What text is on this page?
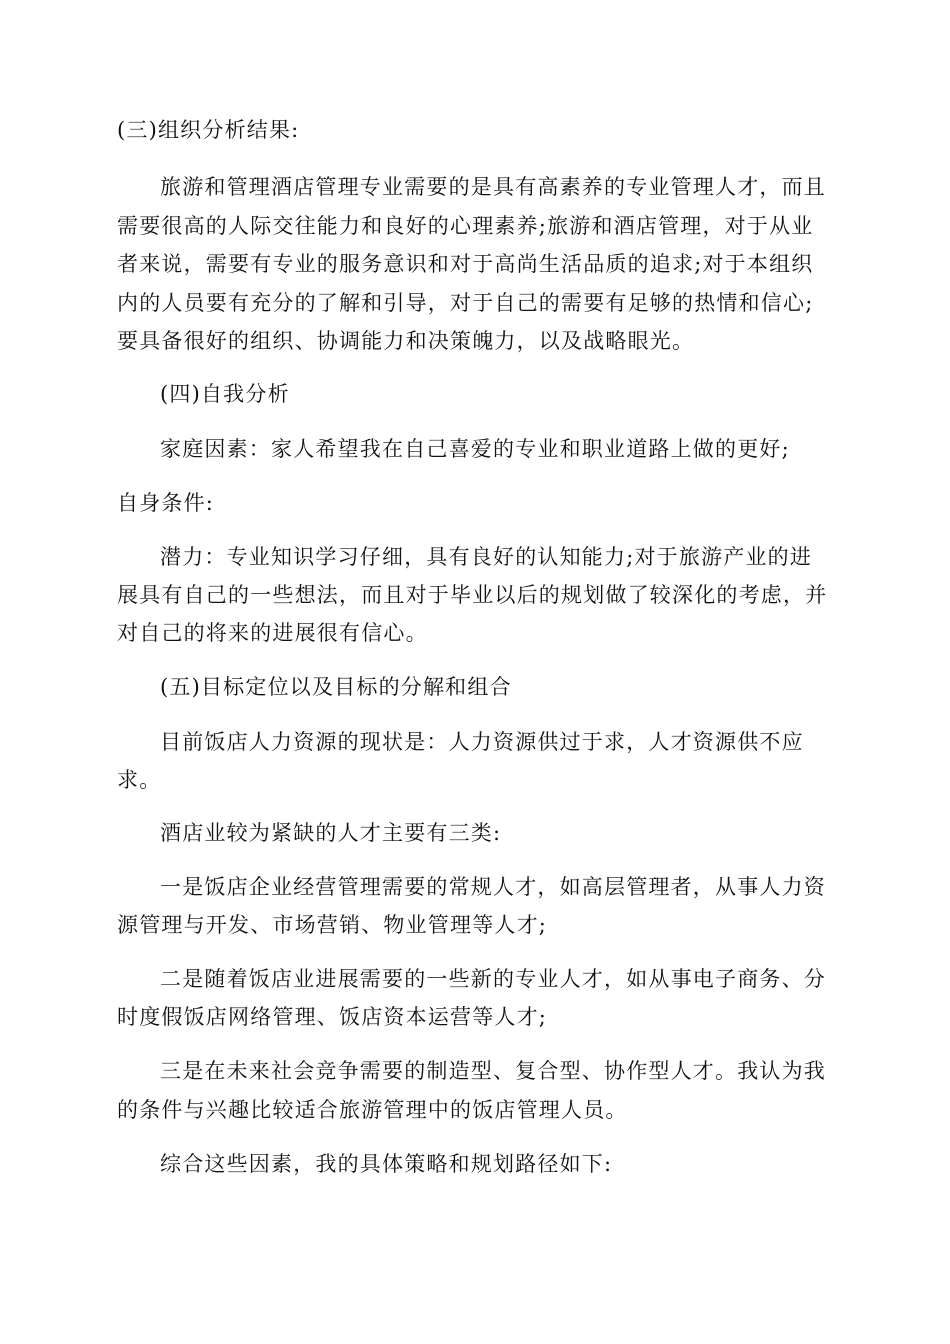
(三)组织分析结果:
旅游和管理酒店管理专业需要的是具有高素养的专业管理人才，而且
需要很高的人际交往能力和良好的心理素养;旅游和酒店管理，对于从业
者来说，需要有专业的服务意识和对于高尚生活品质的追求;对于本组织
内的人员要有充分的了解和引导，对于自己的需要有足够的热情和信心;
要具备很好的组织、协调能力和决策魄力，以及战略眼光。
(四)自我分析
家庭因素：家人希望我在自己喜爱的专业和职业道路上做的更好;
自身条件:
潜力：专业知识学习仔细，具有良好的认知能力;对于旅游产业的进
展具有自己的一些想法，而且对于毕业以后的规划做了较深化的考虑，并
对自己的将来的进展很有信心。
(五)目标定位以及目标的分解和组合
目前饭店人力资源的现状是：人力资源供过于求，人才资源供不应
求。
酒店业较为紧缺的人才主要有三类:
一是饭店企业经营管理需要的常规人才，如高层管理者，从事人力资
源管理与开发、市场营销、物业管理等人才;
二是随着饭店业进展需要的一些新的专业人才，如从事电子商务、分
时度假饭店网络管理、饭店资本运营等人才;
三是在未来社会竞争需要的制造型、复合型、协作型人才。我认为我
的条件与兴趣比较适合旅游管理中的饭店管理人员。
综合这些因素，我的具体策略和规划路径如下:
